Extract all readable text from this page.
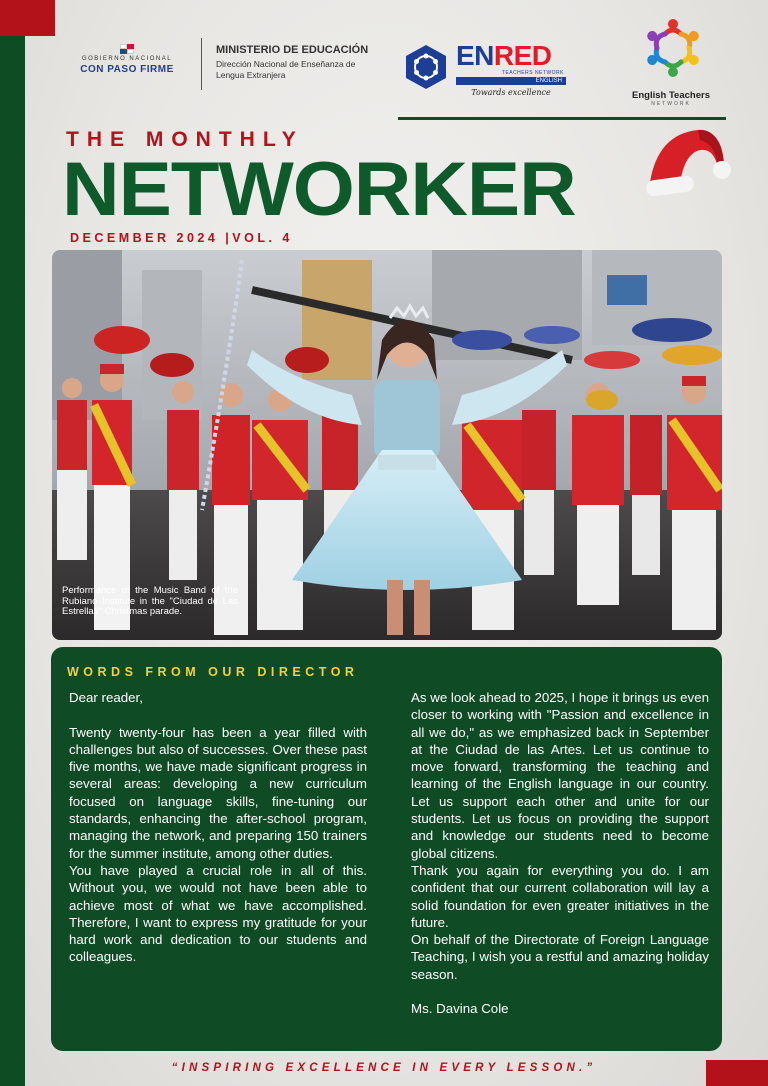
GOBIERNO NACIONAL
CON PASO FIRME
MINISTERIO DE EDUCACIÓN
Dirección Nacional de Enseñanza de
Lengua Extranjera
ENRED
TEACHERS NETWORK
ENGLISH
Towards excellence	English Teachers
NETWORK
THE MONTHLY
NETWORKER
DECEMBER 2024 |VOL. 4
Performance of the Music Band of the Rubiano Institute in the "Ciudad de Las Estrellas" Christmas parade.
WORDS FROM OUR DIRECTOR

Dear reader,

Twenty twenty-four has been a year filled with challenges but also of successes. Over these past five months, we have made significant progress in several areas: developing a new curriculum focused on language skills, fine-tuning our standards, enhancing the after-school program, managing the network, and preparing 150 trainers for the summer institute, among other duties.

You have played a crucial role in all of this. Without you, we would not have been able to achieve most of what we have accomplished. Therefore, I want to express my gratitude for your hard work and dedication to our students and colleagues.

As we look ahead to 2025, I hope it brings us even closer to working with "Passion and excellence in all we do," as we emphasized back in September at the Ciudad de las Artes. Let us continue to move forward, transforming the teaching and learning of the English language in our country. Let us support each other and unite for our students. Let us focus on providing the support and knowledge our students need to become global citizens.

Thank you again for everything you do. I am confident that our current collaboration will lay a solid foundation for even greater initiatives in the future.

On behalf of the Directorate of Foreign Language Teaching, I wish you a restful and amazing holiday season.

Ms. Davina Cole

“INSPIRING EXCELLENCE IN EVERY LESSON.”
